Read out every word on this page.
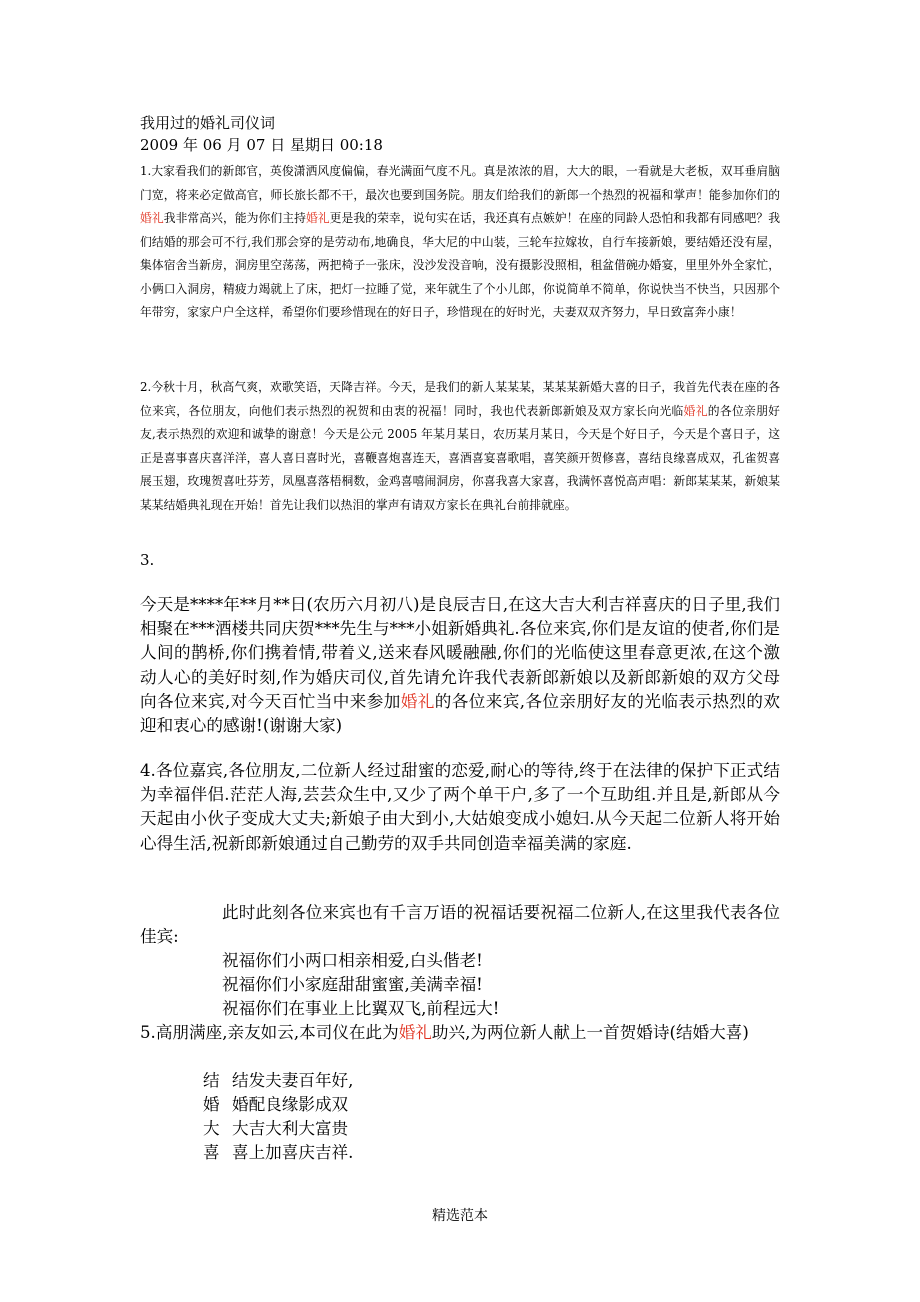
我用过的婚礼司仪词
2009 年 06 月 07 日 星期日 00:18
1.大家看我们的新郎官，英俊潇洒风度偏偏，春光满面气度不凡。真是浓浓的眉，大大的眼，一看就是大老板，双耳垂肩脑门宽，将来必定做高官，师长旅长都不干，最次也要到国务院。朋友们给我们的新郎一个热烈的祝福和掌声！能参加你们的婚礼我非常高兴，能为你们主持婚礼更是我的荣幸，说句实在话，我还真有点嫉妒！在座的同龄人恐怕和我都有同感吧？我们结婚的那会可不行,我们那会穿的是劳动布,地确良，华大尼的中山装，三轮车拉嫁妆，自行车接新娘，要结婚还没有屋，集体宿舍当新房，洞房里空荡荡，两把椅子一张床，没沙发没音响，没有摄影没照相，租盆借碗办婚宴，里里外外全家忙，小俩口入洞房，精疲力竭就上了床，把灯一拉睡了觉，来年就生了个小儿郎，你说简单不简单，你说快当不快当，只因那个年带穷，家家户户全这样，希望你们要珍惜现在的好日子，珍惜现在的好时光，夫妻双双齐努力，早日致富奔小康！
2.今秋十月，秋高气爽，欢歌笑语，天降吉祥。今天，是我们的新人某某某，某某某新婚大喜的日子，我首先代表在座的各位来宾，各位朋友，向他们表示热烈的祝贺和由衷的祝福！同时，我也代表新郎新娘及双方家长向光临婚礼的各位亲朋好友,表示热烈的欢迎和诚挚的谢意！今天是公元 2005 年某月某日，农历某月某日，今天是个好日子，今天是个喜日子，这正是喜事喜庆喜洋洋，喜人喜日喜时光，喜鞭喜炮喜连天，喜酒喜宴喜歌唱，喜笑颜开贺修喜，喜结良缘喜成双，孔雀贺喜展玉翅，玫瑰贺喜吐芬芳，凤凰喜落梧桐数，金鸡喜嘻闹洞房，你喜我喜大家喜，我满怀喜悦高声唱：新郎某某某，新娘某某某结婚典礼现在开始！首先让我们以热泪的掌声有请双方家长在典礼台前排就座。
3.
今天是****年**月**日(农历六月初八)是良辰吉日,在这大吉大利吉祥喜庆的日子里,我们相聚在***酒楼共同庆贺***先生与***小姐新婚典礼.各位来宾,你们是友谊的使者,你们是人间的鹊桥,你们携着情,带着义,送来春风暖融融,你们的光临使这里春意更浓,在这个激动人心的美好时刻,作为婚庆司仪,首先请允许我代表新郎新娘以及新郎新娘的双方父母向各位来宾,对今天百忙当中来参加婚礼的各位来宾,各位亲朋好友的光临表示热烈的欢迎和衷心的感谢!(谢谢大家)
4.各位嘉宾,各位朋友,二位新人经过甜蜜的恋爱,耐心的等待,终于在法律的保护下正式结为幸福伴侣.茫茫人海,芸芸众生中,又少了两个单干户,多了一个互助组.并且是,新郎从今天起由小伙子变成大丈夫;新娘子由大到小,大姑娘变成小媳妇.从今天起二位新人将开始心得生活,祝新郎新娘通过自己勤劳的双手共同创造幸福美满的家庭.
此时此刻各位来宾也有千言万语的祝福话要祝福二位新人,在这里我代表各位佳宾:
祝福你们小两口相亲相爱,白头偕老!
祝福你们小家庭甜甜蜜蜜,美满幸福!
祝福你们在事业上比翼双飞,前程远大!
5.高朋满座,亲友如云,本司仪在此为婚礼助兴,为两位新人献上一首贺婚诗(结婚大喜)
结 结发夫妻百年好,
婚 婚配良缘影成双
大 大吉大利大富贵
喜 喜上加喜庆吉祥.
精选范本
